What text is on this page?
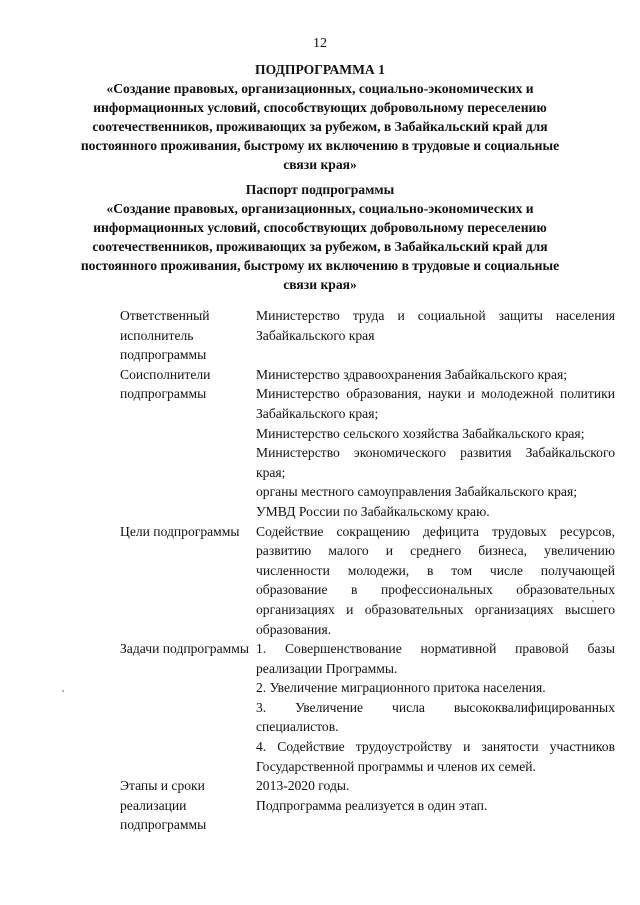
12
ПОДПРОГРАММА 1
«Создание правовых, организационных, социально-экономических и информационных условий, способствующих добровольному переселению соотечественников, проживающих за рубежом, в Забайкальский край для постоянного проживания, быстрому их включению в трудовые и социальные связи края»
Паспорт подпрограммы
«Создание правовых, организационных, социально-экономических и информационных условий, способствующих добровольному переселению соотечественников, проживающих за рубежом, в Забайкальский край для постоянного проживания, быстрому их включению в трудовые и социальные связи края»
Ответственный исполнитель подпрограммы
Министерство труда и социальной защиты населения Забайкальского края
Соисполнители подпрограммы
Министерство здравоохранения Забайкальского края;
Министерство образования, науки и молодежной политики Забайкальского края;
Министерство сельского хозяйства Забайкальского края;
Министерство экономического развития Забайкальского края;
органы местного самоуправления Забайкальского края;
УМВД России по Забайкальскому краю.
Цели подпрограммы	Содействие сокращению дефицита трудовых ресурсов, развитию малого и среднего бизнеса, увеличению численности молодежи, в том числе получающей образование в профессиональных образовательных организациях и образовательных организациях высшего образования.
Задачи подпрограммы 1. Совершенствование нормативной правовой базы реализации Программы.
2. Увеличение миграционного притока населения.
3. Увеличение числа высококвалифицированных специалистов.
4. Содействие трудоустройству и занятости участников Государственной программы и членов их семей.
Этапы и сроки реализации подпрограммы
2013-2020 годы.
Подпрограмма реализуется в один этап.
